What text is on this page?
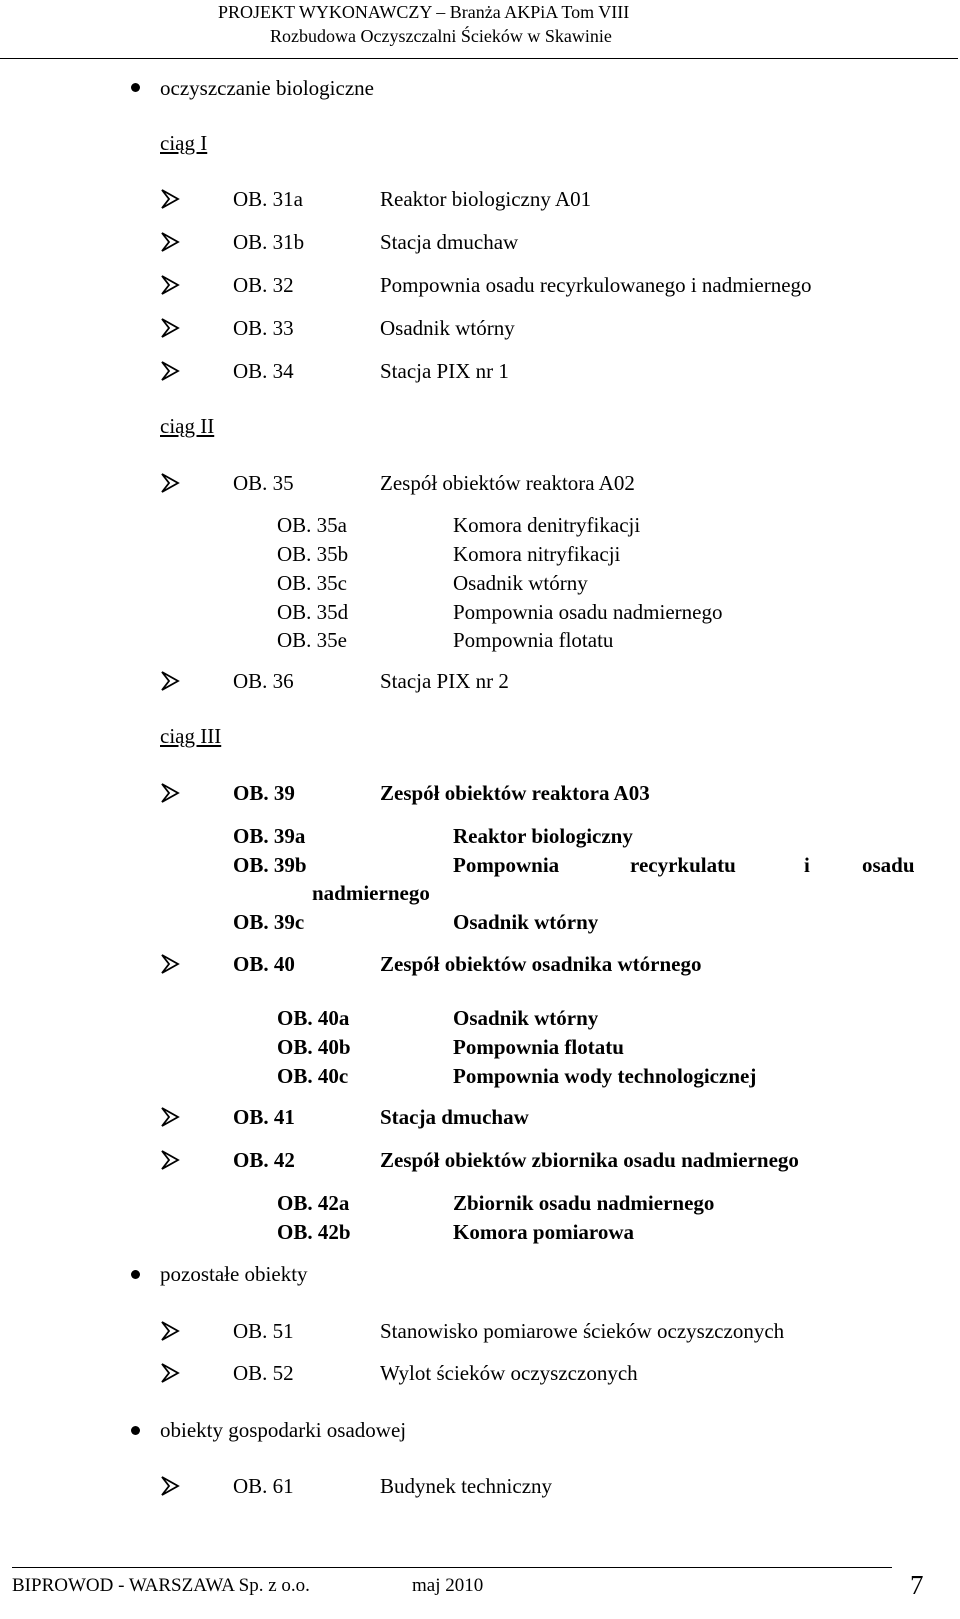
PROJEKT WYKONAWCZY – Branża AKPiA Tom VIII
Rozbudowa Oczyszczalni Ścieków w Skawinie
oczyszczanie biologiczne
ciąg I
OB. 31a	Reaktor biologiczny A01
OB. 31b	Stacja dmuchaw
OB. 32	Pompownia osadu recyrkulowanego i nadmiernego
OB. 33	Osadnik wtórny
OB. 34	Stacja PIX nr 1
ciąg II
OB. 35	Zespół obiektów reaktora A02
OB. 35a	Komora denitryfikacji
OB. 35b	Komora nitryfikacji
OB. 35c	Osadnik wtórny
OB. 35d	Pompownia osadu nadmiernego
OB. 35e	Pompownia flotatu
OB. 36	Stacja PIX nr 2
ciąg III
OB. 39	Zespół obiektów reaktora A03
OB. 39a	Reaktor biologiczny
OB. 39b	Pompownia	recyrkulatu	i osadu
nadmiernego
OB. 39c	Osadnik wtórny
OB. 40	Zespół obiektów osadnika wtórnego
OB. 40a	Osadnik wtórny
OB. 40b	Pompownia flotatu
OB. 40c	Pompownia wody technologicznej
OB. 41	Stacja dmuchaw
OB. 42	Zespół obiektów zbiornika osadu nadmiernego
OB. 42a	Zbiornik osadu nadmiernego
OB. 42b	Komora pomiarowa
pozostałe obiekty
OB. 51	Stanowisko pomiarowe ścieków oczyszczonych
OB. 52	Wylot ścieków oczyszczonych
obiekty gospodarki osadowej
OB. 61	Budynek techniczny
BIPROWOD - WARSZAWA Sp. z o.o.	maj 2010	7
